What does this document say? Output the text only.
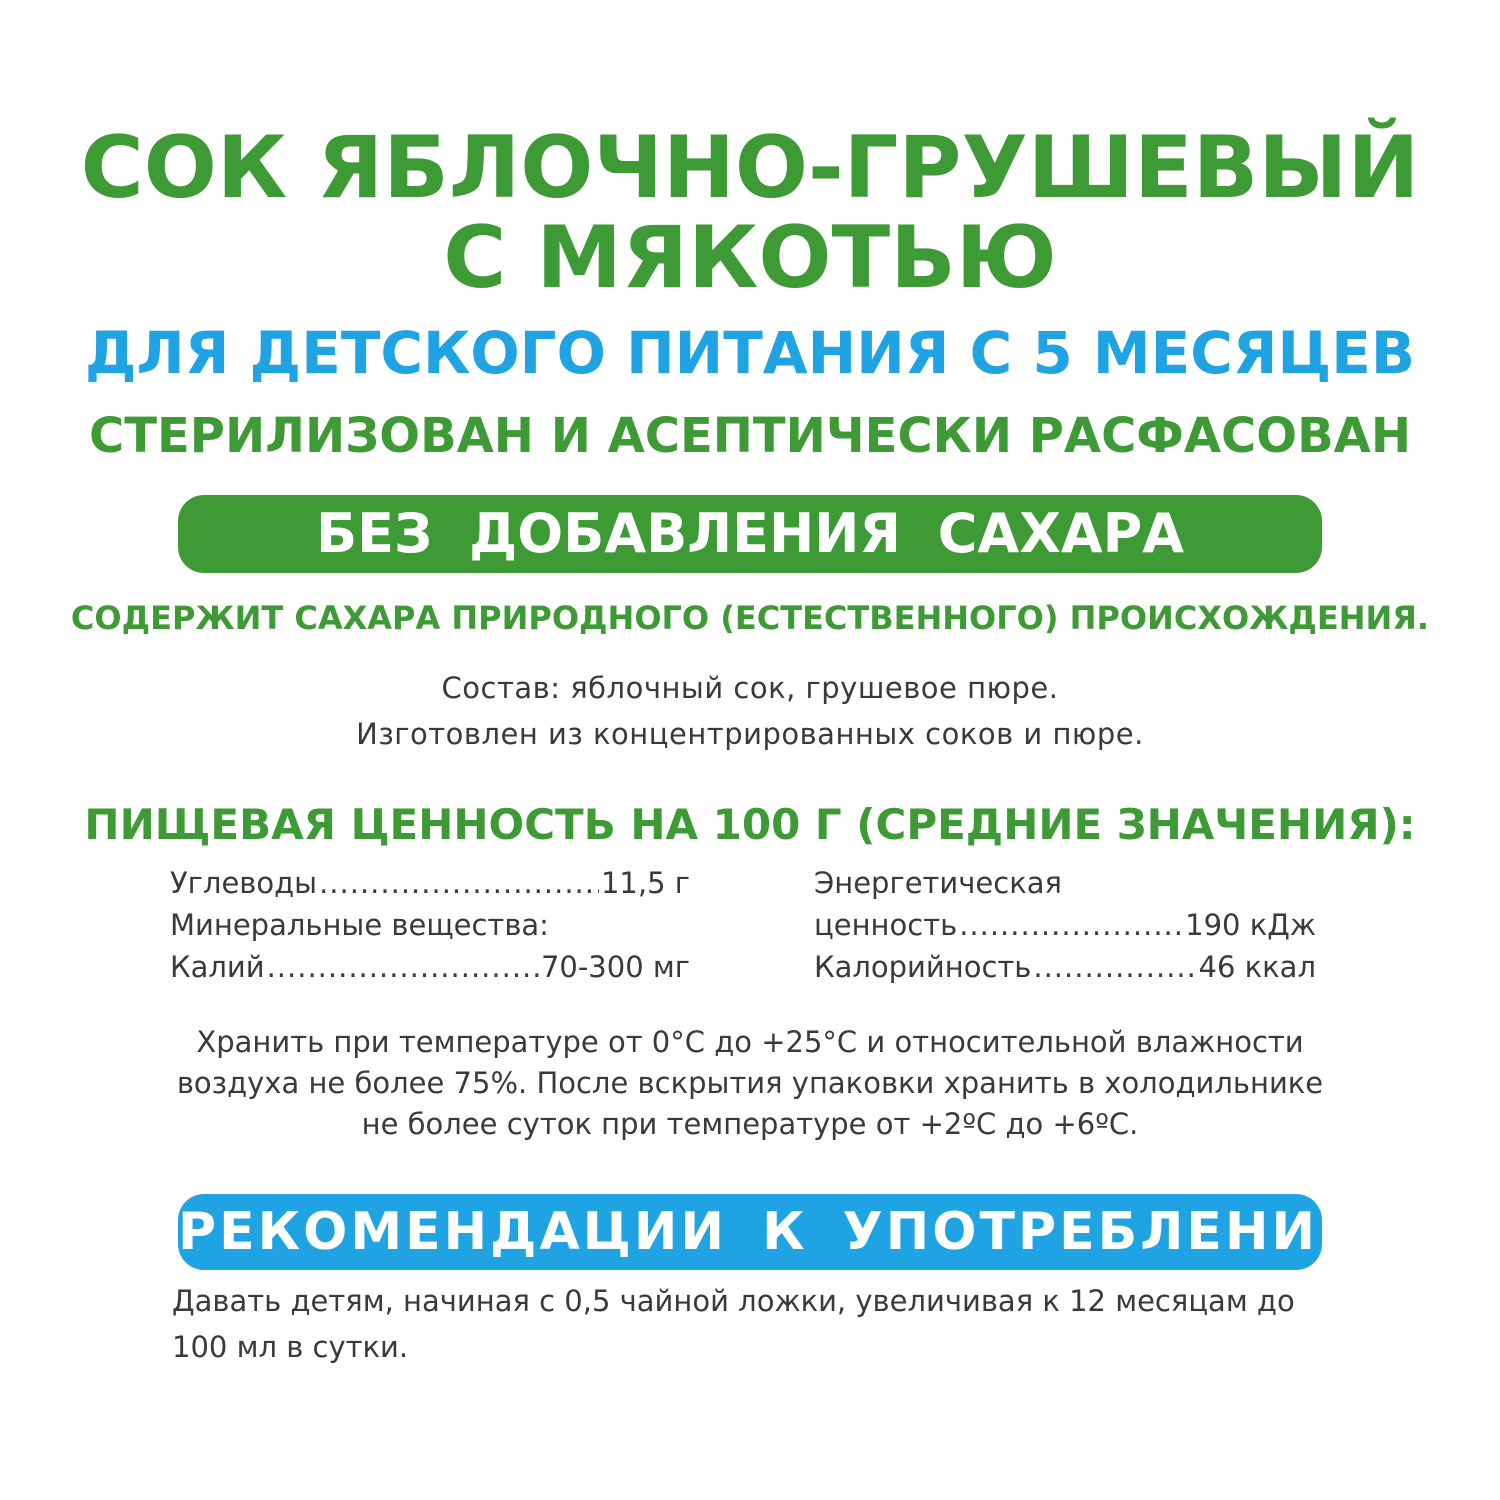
СОК ЯБЛОЧНО-ГРУШЕВЫЙ
С МЯКОТЬЮ
ДЛЯ ДЕТСКОГО ПИТАНИЯ С 5 МЕСЯЦЕВ
СТЕРИЛИЗОВАН И АСЕПТИЧЕСКИ РАСФАСОВАН
БЕЗ ДОБАВЛЕНИЯ САХАРА
СОДЕРЖИТ САХАРА ПРИРОДНОГО (ЕСТЕСТВЕННОГО) ПРОИСХОЖДЕНИЯ.
Состав: яблочный сок, грушевое пюре.
Изготовлен из концентрированных соков и пюре.
ПИЩЕВАЯ ЦЕННОСТЬ НА 100 Г (СРЕДНИЕ ЗНАЧЕНИЯ):
Углеводы .....	11,5 г
Минеральные вещества:
Калий .....	70-300 мг
Энергетическая
ценность .....	190 кДж
Калорийность .....	46 ккал
Хранить при температуре от 0°С до +25°С и относительной влажности
воздуха не более 75%. После вскрытия упаковки хранить в холодильнике
не более суток при температуре от +2ºС до +6ºС.
РЕКОМЕНДАЦИИ К УПОТРЕБЛЕНИЮ:
Давать детям, начиная с 0,5 чайной ложки, увеличивая к 12 месяцам до 100 мл в сутки.
